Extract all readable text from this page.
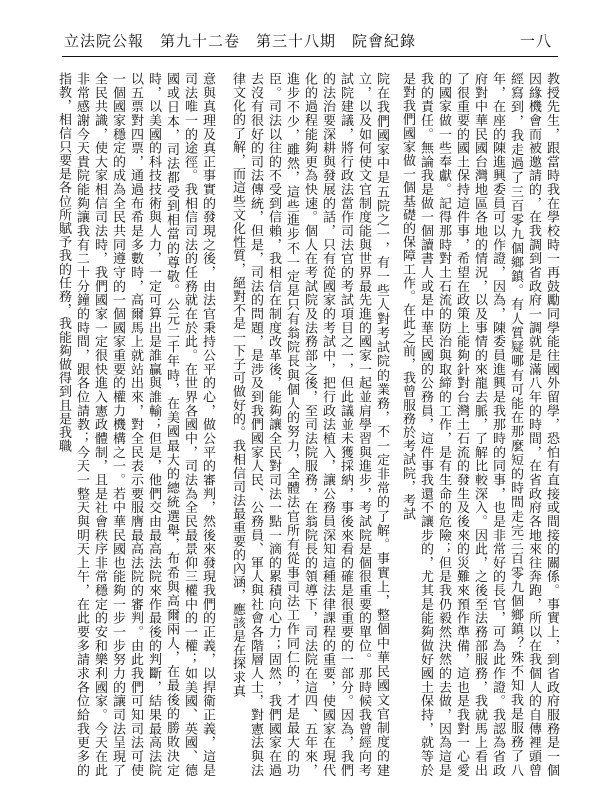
立法院公報　第九十二卷　第三十八期　院會紀錄	一八
教授先生，跟當時我在學校時一再鼓勵同學能往國外留學，恐怕有直接或間接的關係。事實上，到省政府服務是一個因緣機會而被邀請的，在我調到省政府一調就是滿八年的時間，在省政府各地來往奔跑，所以在我個人的自傳裡頭曾經寫到，我走過了三百零九個鄉鎮。有人質疑哪有可能在那麼短的時間走完三百零九個鄉鎮？殊不知我是服務了八年，在座的陳進興委員可以作證，因為，陳委員進興是我那時的同事，也是非常好的長官，可為此作證。我認為省政府對中華民國台灣地區各地的情況，以及事情的來龍去脈，了解比較深入。因此，之後至法務部服務，我就馬上看出了很重要的國土保持這件事，希望在政策上能夠針對台灣土石流的發生及後來的災難來預作準備，這也是我對一心愛的國家做一些奉獻。記得那時對土石流的防治與取締的工作，是有生命的危險；但是我仍毅然決然的去做，因為這是我的責任。無論我是做一個讀書人或是中華民國的公務員，這件事我還不讓步的，尤其是能夠做好國土保持，就等於是對我們國家做一個基礎的保障工作。在此之前，我曾服務於考試院，考試
院在我們國家中是五院之一，有一些人對考試院的業務，不一定非常的了解。事實上，整個中華民國文官制度的建立，以及如何使文官制度能與世界最先進的國家一起並肩學習與進步，考試院是個很重要的單位。那時候我曾經向考試院建議，將行政法當作司法官的考試項目之一，但此議並未獲採納，事後來看的確是很重要的一部分。因為，我們的法治要深耕與發展的話，只有從國家的考試中，把行政法植入，讓公務員深知這種法律課程的重要，使國家在現代化的過程能夠更為快速。個人在考試院及法務部之後，至司法院服務，在翁院長的領導下，司法院在這四、五年來，進步不少，雖然，這些進步不一定是只有翁院長與個人的努力，全體法官所有從事司法工作同仁的，才是最大的功臣。司法以往的不受到信賴，我相信在制度改革後，能夠讓全民對司法一點一滴的累積向心力；固然，我們國家在過去沒有很好的司法傳統，但是，司法的問題，是涉及到我們國家人民、公務員、軍人與社會各階層人士，對憲法與法律文化的了解，而這些文化性質，絕對不是一下子可做好的。我相信司法最重要的內涵，應該是在探求真
意與真理及真正事實的發現之後，由法官秉持公平的心，做公平的審判，然後來發現我們的正義，以捍衛正義，這是司法唯一的途徑。我相信司法的任務就在於此。在世界各國中，司法為全民最景仰三權中的一權；如美國、英國、德國或日本，司法都受到相當的尊敬。公元二千年時，在美國最大的總統選舉，布希與高爾兩人，在最後的勝敗決定時，以美國的科技技術與人力，一定可算出是誰贏與誰輸；但是，他們交由最高法院來作最後的判斷，結果最高法院以五票對四票，通過布希是多數時，高爾馬上就站出來，對全民表示要服膺最高法院的審判。由此我們可知司法可使一個國家穩定的成為全民共同遵守的一個國家重要的權力機構之一。若中華民國也能夠一步一步努力的讓司法呈現了全民共識，使大家相信司法時，我們國家一定很快進入憲政體制，且是社會秩序非常穩定的安和樂利國家。今天在此非常感謝今天貴院能夠讓我有二十分鐘的時間，跟各位請教；今天一整天與明天上午，在此要多請求各位給我更多的指教，相信只要是各位所賦予我的任務，我能夠做得到且是我職
